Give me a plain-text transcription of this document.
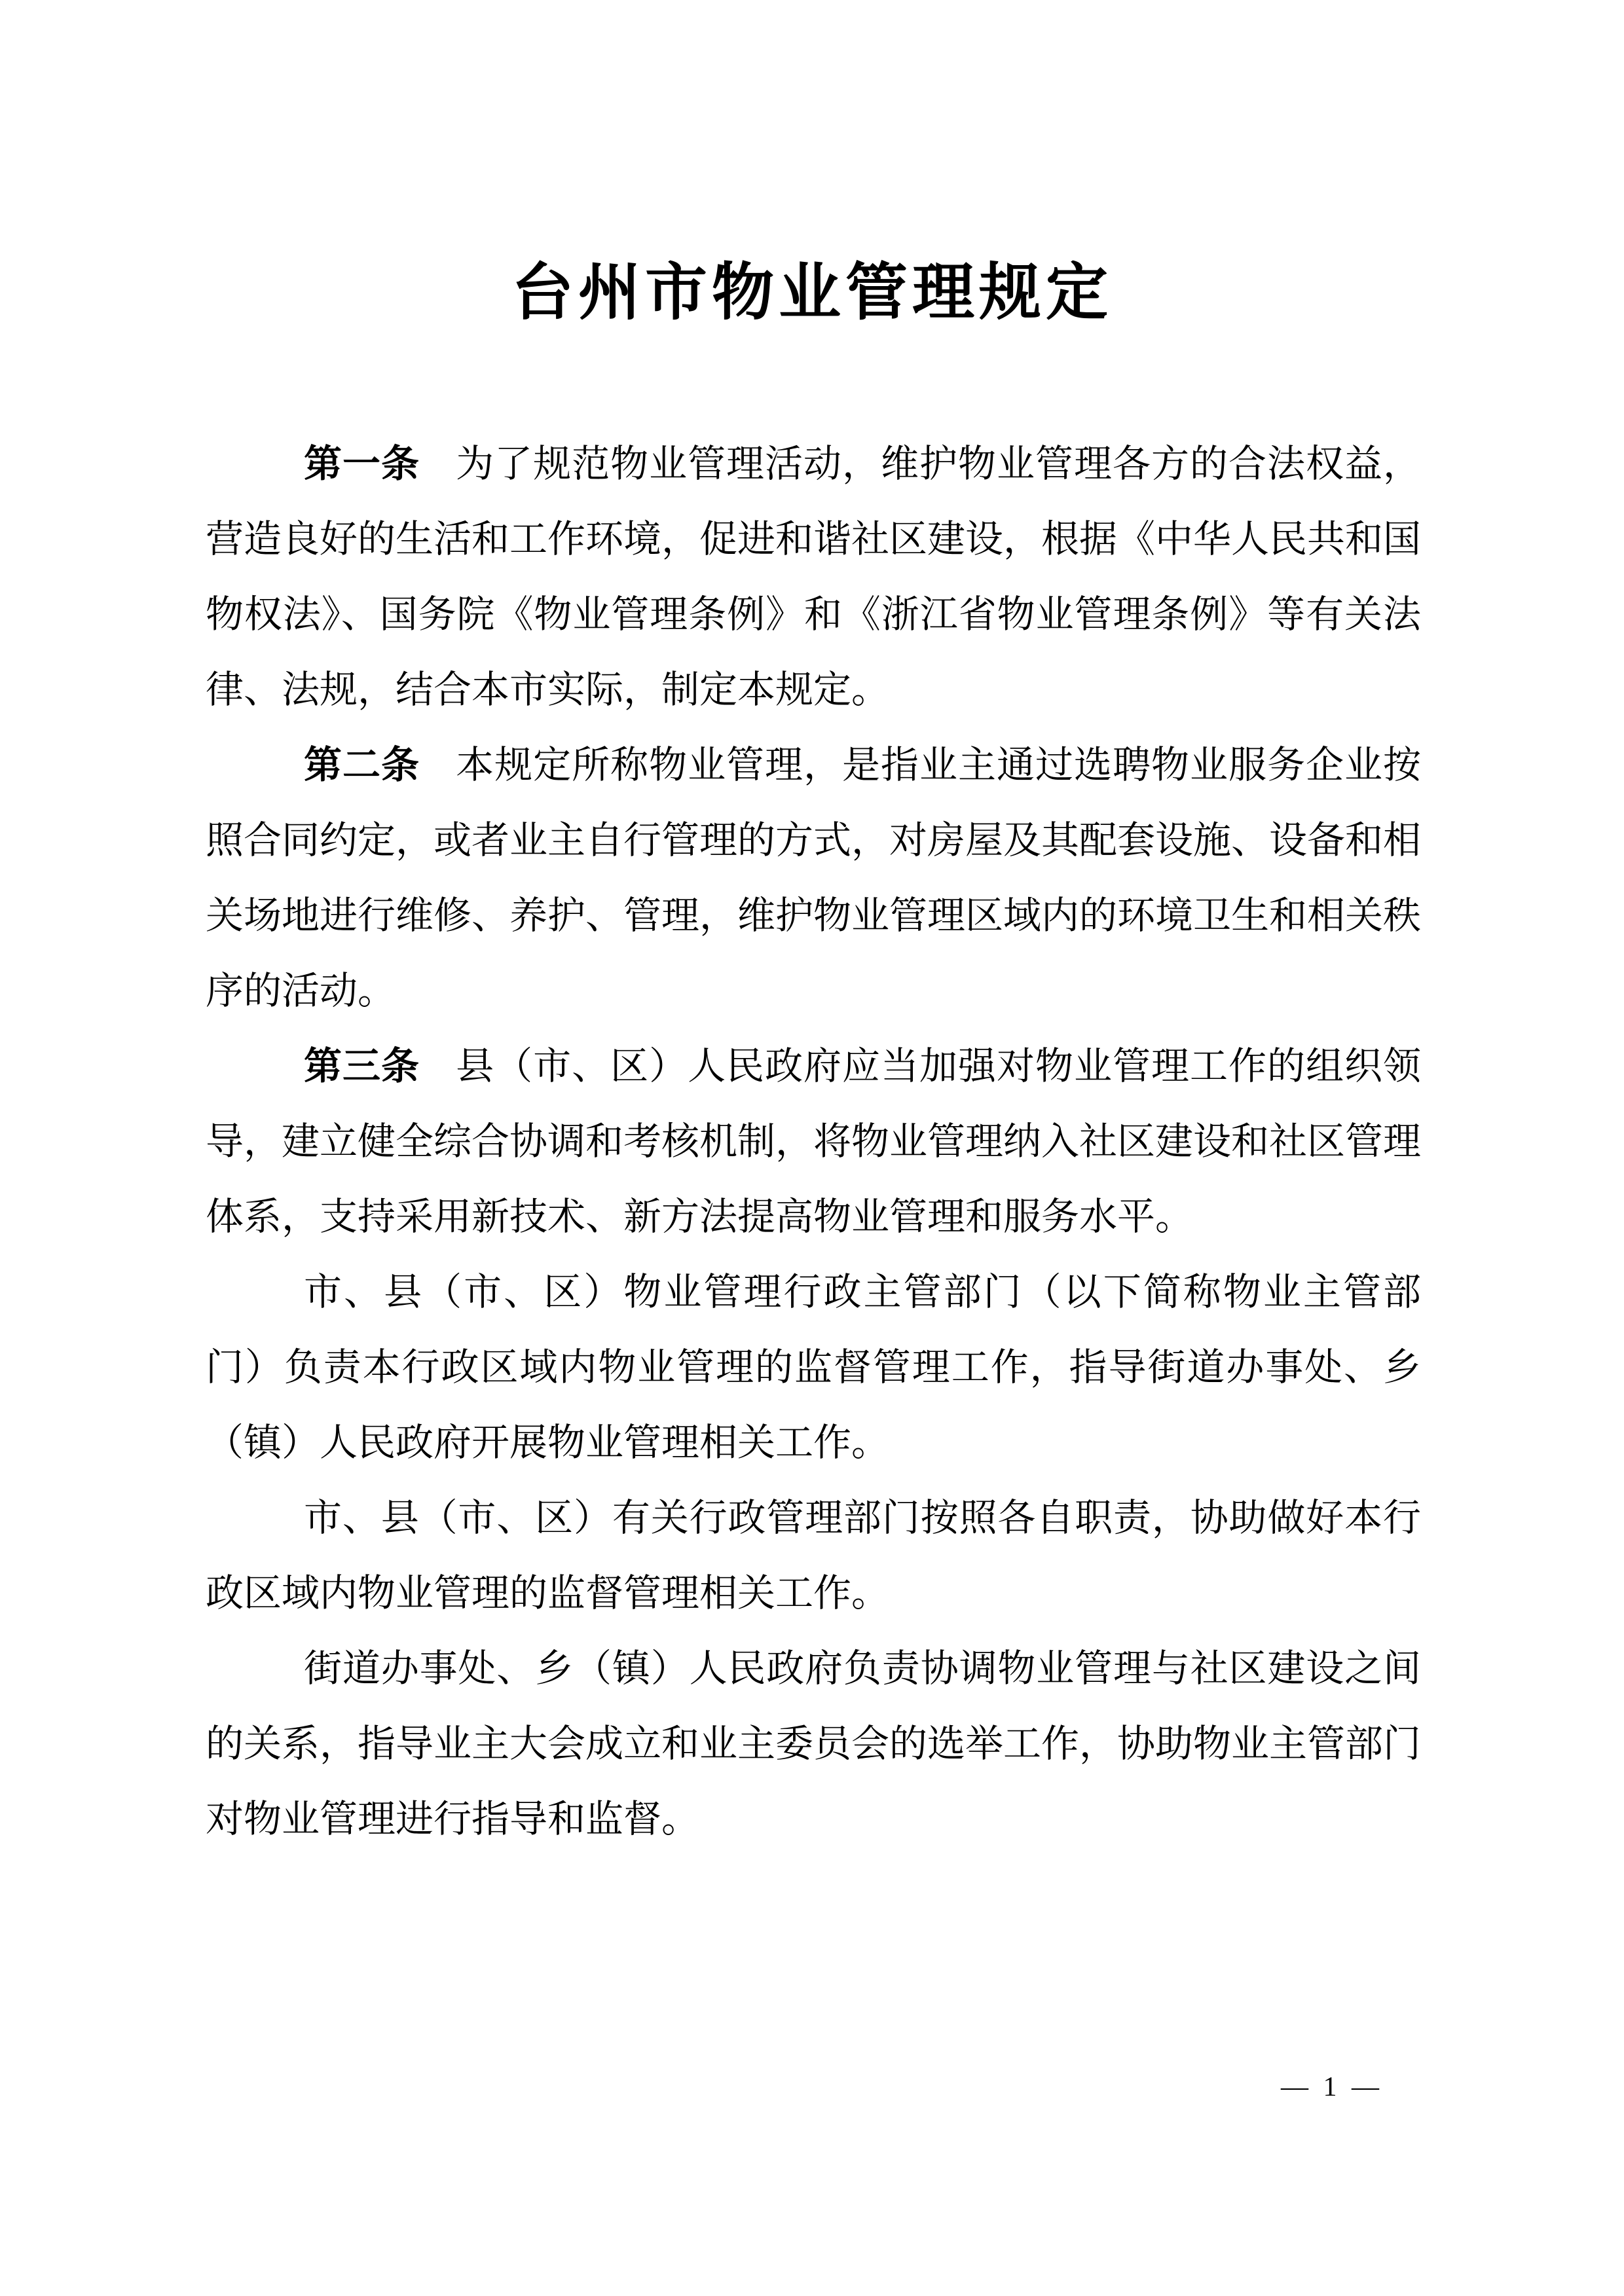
台州市物业管理规定

第一条 为了规范物业管理活动，维护物业管理各方的合法权益，营造良好的生活和工作环境，促进和谐社区建设，根据《中华人民共和国物权法》、国务院《物业管理条例》和《浙江省物业管理条例》等有关法律、法规，结合本市实际，制定本规定。

第二条 本规定所称物业管理，是指业主通过选聘物业服务企业按照合同约定，或者业主自行管理的方式，对房屋及其配套设施、设备和相关场地进行维修、养护、管理，维护物业管理区域内的环境卫生和相关秩序的活动。

第三条 县（市、区）人民政府应当加强对物业管理工作的组织领导，建立健全综合协调和考核机制，将物业管理纳入社区建设和社区管理体系，支持采用新技术、新方法提高物业管理和服务水平。

市、县（市、区）物业管理行政主管部门（以下简称物业主管部门）负责本行政区域内物业管理的监督管理工作，指导街道办事处、乡（镇）人民政府开展物业管理相关工作。

市、县（市、区）有关行政管理部门按照各自职责，协助做好本行政区域内物业管理的监督管理相关工作。

街道办事处、乡（镇）人民政府负责协调物业管理与社区建设之间的关系，指导业主大会成立和业主委员会的选举工作，协助物业主管部门对物业管理进行指导和监督。

— 1 —
